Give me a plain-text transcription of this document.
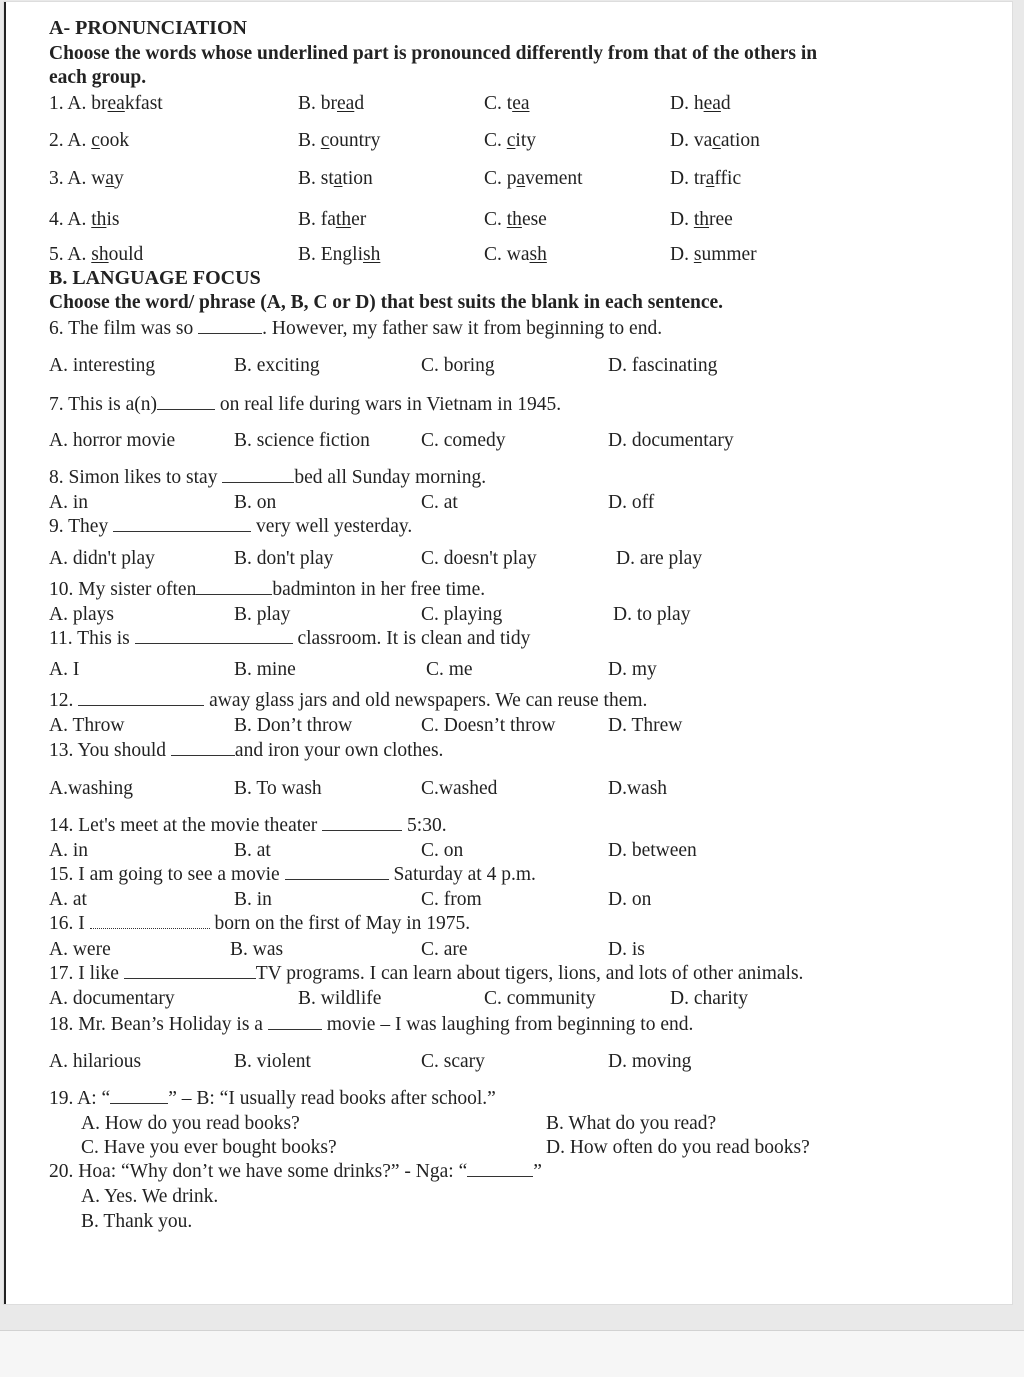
A- PRONUNCIATION
Choose the words whose underlined part is pronounced differently from that of the others in
each group.
1. A. breakfast	B. bread	C. tea	D. head
2. A. cook	B. country	C. city	D. vacation
3. A. way	B. station	C. pavement	D. traffic
4. A. this	B. father	C. these	D. three
5. A. should	B. English	C. wash	D. summer
B. LANGUAGE FOCUS
Choose the word/ phrase (A, B, C or D) that best suits the blank in each sentence.
6. The film was so	. However, my father saw it from beginning to end.
A. interesting	B. exciting	C. boring	D. fascinating
7. This is a(n)	on real life during wars in Vietnam in 1945.
A. horror movie	B. science fiction	C. comedy	D. documentary
8. Simon likes to stay	bed all Sunday morning.
A. in	B. on	C. at	D. off
9. They	very well yesterday.
A. didn't play	B. don't play	C. doesn't play	D. are play
10. My sister often	badminton in her free time.
A. plays	B. play	C. playing	D. to play
11. This is	classroom. It is clean and tidy
A. I	B. mine	C. me	D. my
12.	away glass jars and old newspapers. We can reuse them.
A. Throw	B. Don’t throw	C. Doesn’t throw	D. Threw
13. You should	and iron your own clothes.
A.washing	B. To wash	C.washed	D.wash
14. Let's meet at the movie theater	5:30.
A. in	B. at	C. on	D. between
15. I am going to see a movie	Saturday at 4 p.m.
A. at	B. in	C. from	D. on
16. I	born on the first of May in 1975.
A. were	B. was	C. are	D. is
17. I like	TV programs. I can learn about tigers, lions, and lots of other animals.
A. documentary	B. wildlife	C. community	D. charity
18. Mr. Bean’s Holiday is a	movie – I was laughing from beginning to end.
A. hilarious	B. violent	C. scary	D. moving
19. A: “	” – B: “I usually read books after school.”
A. How do you read books?	B. What do you read?
C. Have you ever bought books?	D. How often do you read books?
20. Hoa: “Why don’t we have some drinks?” - Nga: “	”
A. Yes. We drink.
B. Thank you.
